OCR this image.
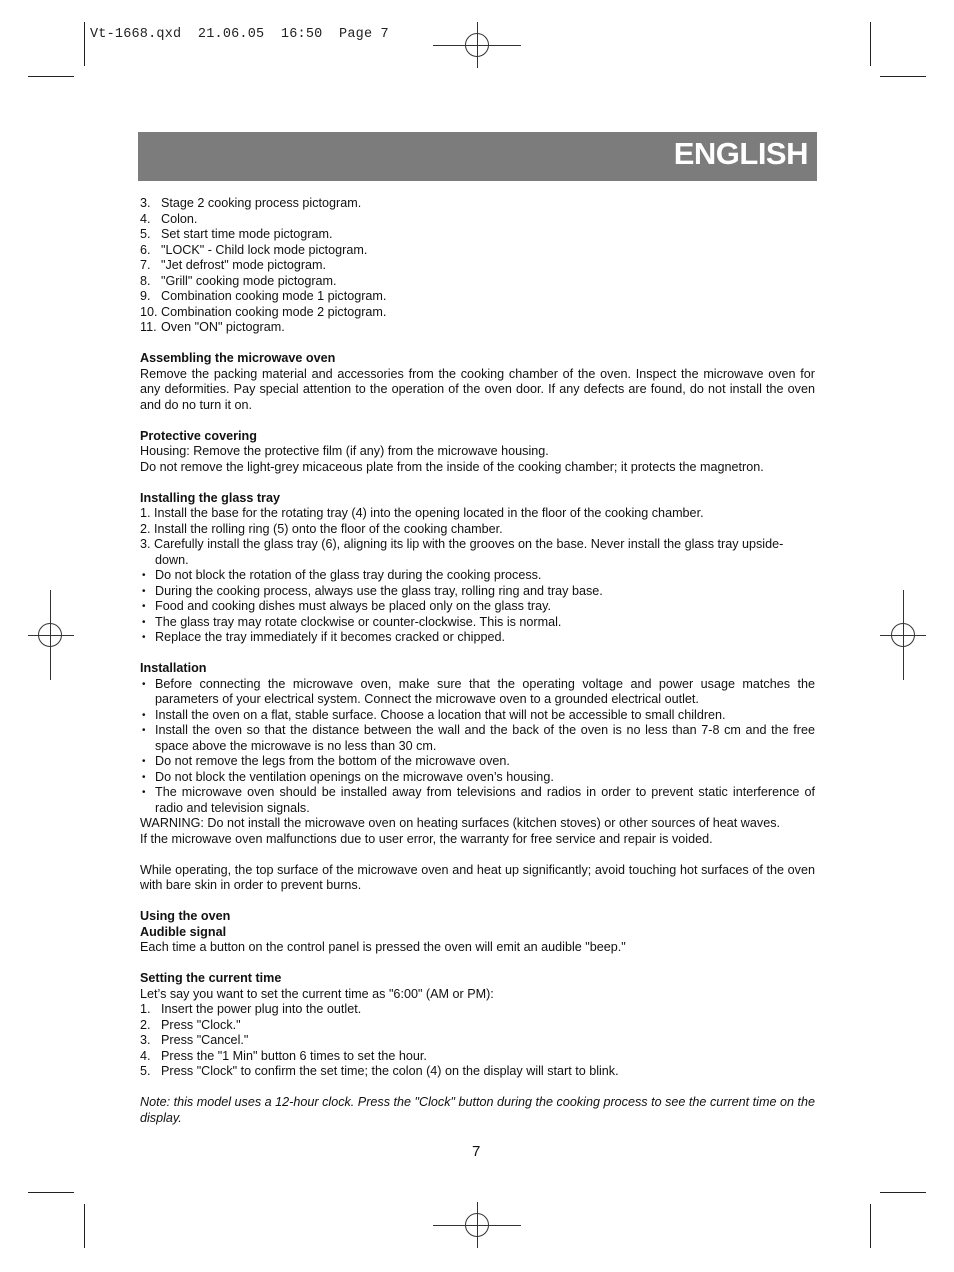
Vt-1668.qxd  21.06.05  16:50  Page 7
ENGLISH

3. Stage 2 cooking process pictogram.

4. Colon.

5. Set start time mode pictogram.

6. "LOCK" - Child lock mode pictogram.

7. "Jet defrost" mode pictogram.

8. "Grill" cooking mode pictogram.

9. Combination cooking mode 1 pictogram.

10. Combination cooking mode 2 pictogram.

11. Oven "ON" pictogram.

Assembling the microwave oven

Remove the packing material and accessories from the cooking chamber of the oven. Inspect the microwave oven for any deformities. Pay special attention to the operation of the oven door. If any defects are found, do not install the oven and do no turn it on.

Protective covering

Housing: Remove the protective film (if any) from the microwave housing.

Do not remove the light-grey micaceous plate from the inside of the cooking chamber; it protects the magnetron.

Installing the glass tray

1. Install the base for the rotating tray (4) into the opening located in the floor of the cooking chamber.

2. Install the rolling ring (5) onto the floor of the cooking chamber.

3. Carefully install the glass tray (6), aligning its lip with the grooves on the base. Never install the glass tray upside-down.

• Do not block the rotation of the glass tray during the cooking process.

• During the cooking process, always use the glass tray, rolling ring and tray base.

• Food and cooking dishes must always be placed only on the glass tray.

• The glass tray may rotate clockwise or counter-clockwise. This is normal.

• Replace the tray immediately if it becomes cracked or chipped.

Installation

• Before connecting the microwave oven, make sure that the operating voltage and power usage matches the parameters of your electrical system. Connect the microwave oven to a grounded electrical outlet.

• Install the oven on a flat, stable surface. Choose a location that will not be accessible to small children.

• Install the oven so that the distance between the wall and the back of the oven is no less than 7-8 cm and the free space above the microwave is no less than 30 cm.

• Do not remove the legs from the bottom of the microwave oven.

• Do not block the ventilation openings on the microwave oven’s housing.

• The microwave oven should be installed away from televisions and radios in order to prevent static interference of radio and television signals.

WARNING: Do not install the microwave oven on heating surfaces (kitchen stoves) or other sources of heat waves.

If the microwave oven malfunctions due to user error, the warranty for free service and repair is voided.

While operating, the top surface of the microwave oven and heat up significantly; avoid touching hot surfaces of the oven with bare skin in order to prevent burns.

Using the oven

Audible signal

Each time a button on the control panel is pressed the oven will emit an audible "beep."

Setting the current time

Let’s say you want to set the current time as "6:00" (AM or PM):

1. Insert the power plug into the outlet.

2. Press "Clock."

3. Press "Cancel."

4. Press the "1 Min" button 6 times to set the hour.

5. Press "Clock" to confirm the set time; the colon (4) on the display will start to blink.

Note: this model uses a 12-hour clock. Press the "Clock" button during the cooking process to see the current time on the display.

7
